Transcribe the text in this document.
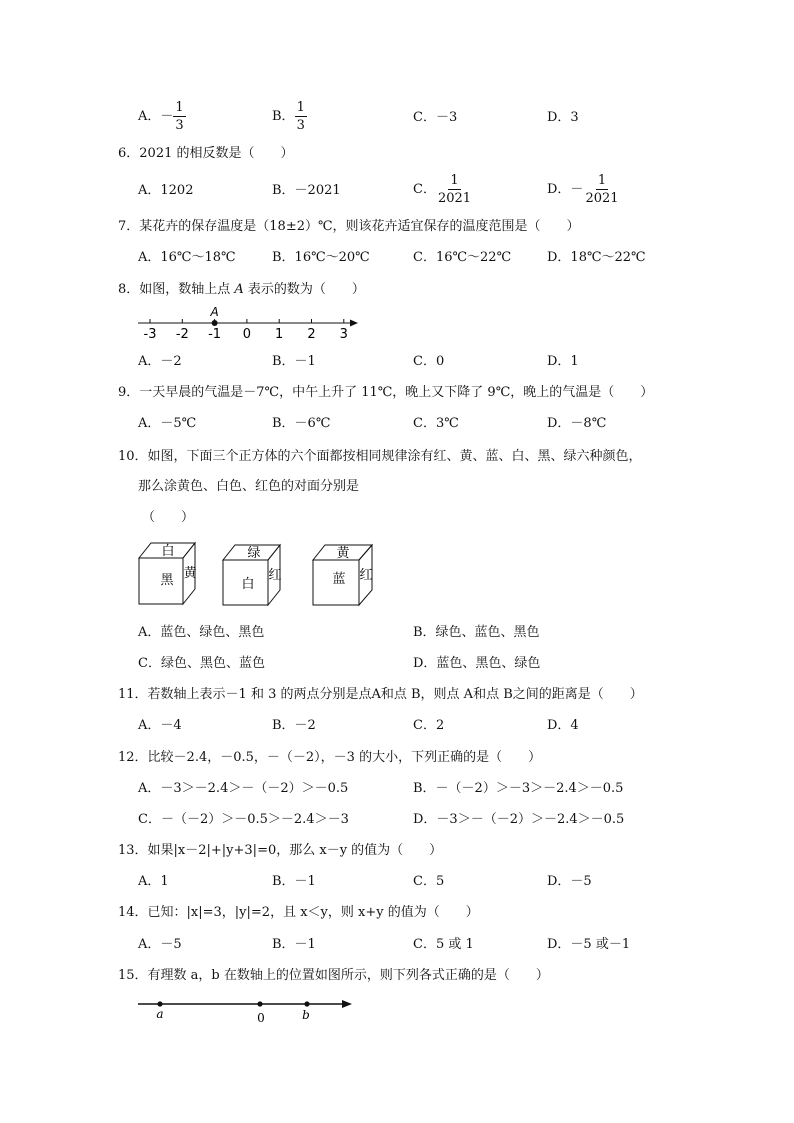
A．－ $\frac{1}{3}$	B． $\frac{1}{3}$	C．－3	D．3
6．2021 的相反数是（　　）
A．1202	B．－2021	C． $\frac{1}{2021}$	D．－ $\frac{1}{2021}$
7．某花卉的保存温度是（18±2）℃，则该花卉适宜保存的温度范围是（　　）
A．16℃～18℃	B．16℃～20℃	C．16℃～22℃	D．18℃～22℃
8．如图，数轴上点 A 表示的数为（　　）
-3 -2 -1 0 1 2 3
A
A．－2	B．－1	C．0	D．1
9．一天早晨的气温是－7℃，中午上升了 11℃，晚上又下降了 9℃，晚上的气温是（　　）
A．－5℃	B．－6℃	C．3℃	D．－8℃
10．如图，下面三个正方体的六个面都按相同规律涂有红、黄、蓝、白、黑、绿六种颜色，
那么涂黄色、白色、红色的对面分别是
（　　）
白
黑 黄
绿
白
红
黄
蓝 红
A．蓝色、绿色、黑色	B．绿色、蓝色、黑色
C．绿色、黑色、蓝色	D．蓝色、黑色、绿色
11．若数轴上表示－1 和 3 的两点分别是点A和点 B，则点 A和点 B之间的距离是（　　）
A．－4	B．－2	C．2	D．4
12．比较－2.4，－0.5，－（－2），－3 的大小，下列正确的是（　　）
A．－3＞－2.4＞－（－2）＞－0.5	B．－（－2）＞－3＞－2.4＞－0.5
C．－（－2）＞－0.5＞－2.4＞－3	D．－3＞－（－2）＞－2.4＞－0.5
13．如果|x－2|+|y+3|=0，那么 x－y 的值为（　　）
A．1	B．－1	C．5	D．－5
14．已知：|x|=3，|y|=2，且 x＜y，则 x+y 的值为（　　）
A．－5	B．－1	C．5 或 1	D．－5 或－1
15．有理数 a，b 在数轴上的位置如图所示，则下列各式正确的是（　　）
a	0	b
